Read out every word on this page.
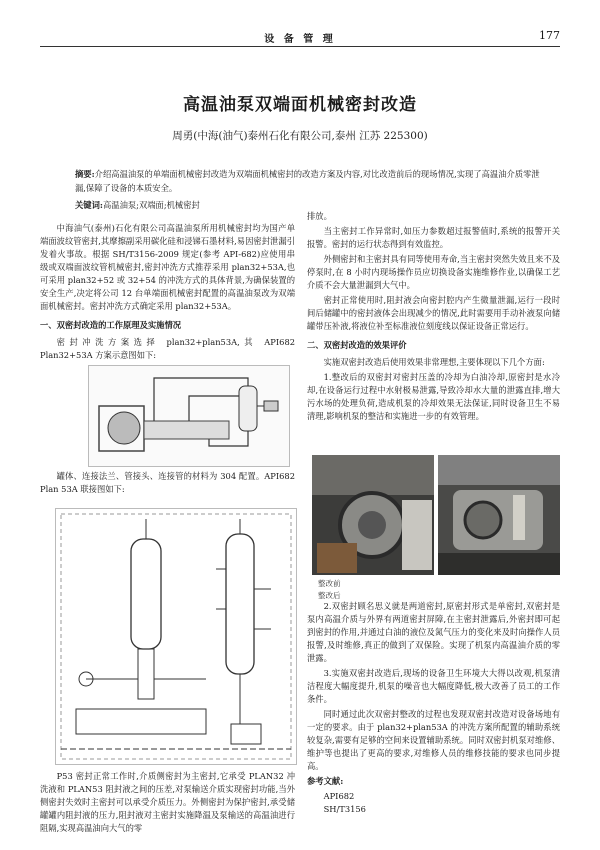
设 备 管 理	177
高温油泵双端面机械密封改造
周勇(中海(油气)泰州石化有限公司,泰州 江苏 225300)
摘要:介绍高温油泵的单端面机械密封改造为双端面机械密封的改造方案及内容,对比改造前后的现场情况,实现了高温油介质零泄漏,保障了设备的本质安全。
关键词:高温油泵;双端面;机械密封

中海油气(泰州)石化有限公司高温油泵所用机械密封均为国产单端面波纹管密封,其摩擦副采用碳化硅和浸锑石墨材料,易因密封泄漏引发着火事故。根据 SH/T3156-2009 规定(参考 API-682)应使用串级或双端面波纹管机械密封,密封冲洗方式推荐采用 plan32+53A,也可采用 plan32+52 或 32+54 的冲洗方式的具体背景,为确保装置的安全生产,决定将公司 12 台单端面机械密封配置的高温油泵改为双端面机械密封。密封冲洗方式确定采用 plan32+53A。

一、双密封改造的工作原理及实施情况

密封冲洗方案选择 plan32+plan53A,其 API682 Plan32+53A 方案示意图如下:

罐体、连接法兰、管接头、连接管的材料为 304 配置。API682 Plan 53A 联接图如下:

P53 密封正常工作时,介质侧密封为主密封,它承受 PLAN32 冲洗液和 PLAN53 阻封液之间的压差,对泵输送介质实现密封功能,当外侧密封失效时主密封可以承受介质压力。外侧密封为保护密封,承受储罐罐内阻封液的压力,阻封液对主密封实施降温及泵输送的高温油进行阻隔,实现高温油向大气的零

排放。

当主密封工作异常时,如压力参数超过报警值时,系统的报警开关报警。密封的运行状态得到有效监控。

外侧密封和主密封具有同等使用寿命,当主密封突然失效且来不及停泵时,在 8 小时内现场操作员应切换设备实施维修作业,以确保工艺介质不会大量泄漏到大气中。

密封正常使用时,阻封液会向密封腔内产生微量泄漏,运行一段时间后储罐中的密封液体会出现减少的情况,此时需要用手动补液泵向储罐带压补液,将液位补至标准液位刻度线以保证设备正常运行。

二、双密封改造的效果评价

实施双密封改造后使用效果非常理想,主要体现以下几个方面:

1.整改后的双密封对密封压盖的冷却为白油冷却,原密封是水冷却,在设备运行过程中水射极易泄露,导致冷却水大量的泄露直排,增大污水场的处理负荷,造成机泵的冷却效果无法保证,同时设备卫生不易清理,影响机泵的整洁和实施进一步的有效管理。

整改前
整改后

2.双密封顾名思义就是两道密封,原密封形式是单密封,双密封是泵内高温介质与外界有两道密封屏障,在主密封泄露后,外密封即可起到密封的作用,并通过白油的液位及氮气压力的变化来及时向操作人员报警,及时维修,真正的做到了双保险。实现了机泵内高温油介质的零泄露。

3.实施双密封改造后,现场的设备卫生环境大大得以改观,机泵清洁程度大幅度提升,机泵的噪音也大幅度降低,极大改善了员工的工作条件。

同时通过此次双密封整改的过程也发现双密封改造对设备场地有一定的要求。由于 plan32+plan53A 的冲洗方案所配置的辅助系统较复杂,需要有足够的空间来设置辅助系统。同时双密封机泵对维修、维护等也提出了更高的要求,对维修人员的维修技能的要求也同步提高。

参考文献:

API682

SH/T3156
